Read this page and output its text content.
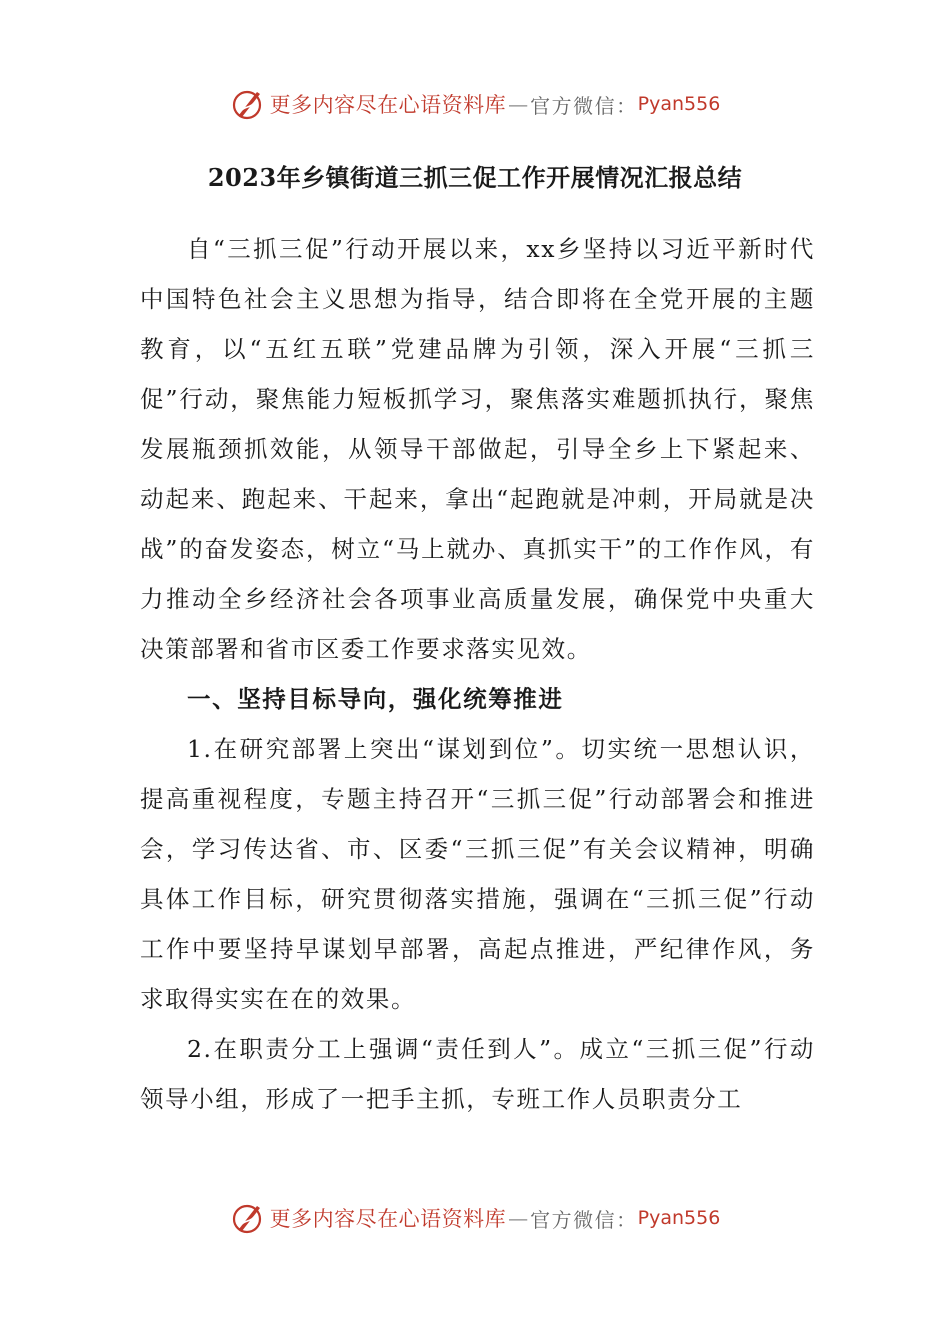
更多内容尽在心语资料库 — 官方微信： Pyan556
2023年乡镇街道三抓三促工作开展情况汇报总结

自“三抓三促”行动开展以来，xx乡坚持以习近平新时代中国特色社会主义思想为指导，结合即将在全党开展的主题教育，以“五红五联”党建品牌为引领，深入开展“三抓三促”行动，聚焦能力短板抓学习，聚焦落实难题抓执行，聚焦发展瓶颈抓效能，从领导干部做起，引导全乡上下紧起来、动起来、跑起来、干起来，拿出“起跑就是冲刺，开局就是决战”的奋发姿态，树立“马上就办、真抓实干”的工作作风，有力推动全乡经济社会各项事业高质量发展，确保党中央重大决策部署和省市区委工作要求落实见效。

一、坚持目标导向，强化统筹推进

1.在研究部署上突出“谋划到位”。切实统一思想认识，提高重视程度，专题主持召开“三抓三促”行动部署会和推进会，学习传达省、市、区委“三抓三促”有关会议精神，明确具体工作目标，研究贯彻落实措施，强调在“三抓三促”行动工作中要坚持早谋划早部署，高起点推进，严纪律作风，务求取得实实在在的效果。

2.在职责分工上强调“责任到人”。成立“三抓三促”行动领导小组，形成了一把手主抓，专班工作人员职责分工

更多内容尽在心语资料库 — 官方微信： Pyan556
